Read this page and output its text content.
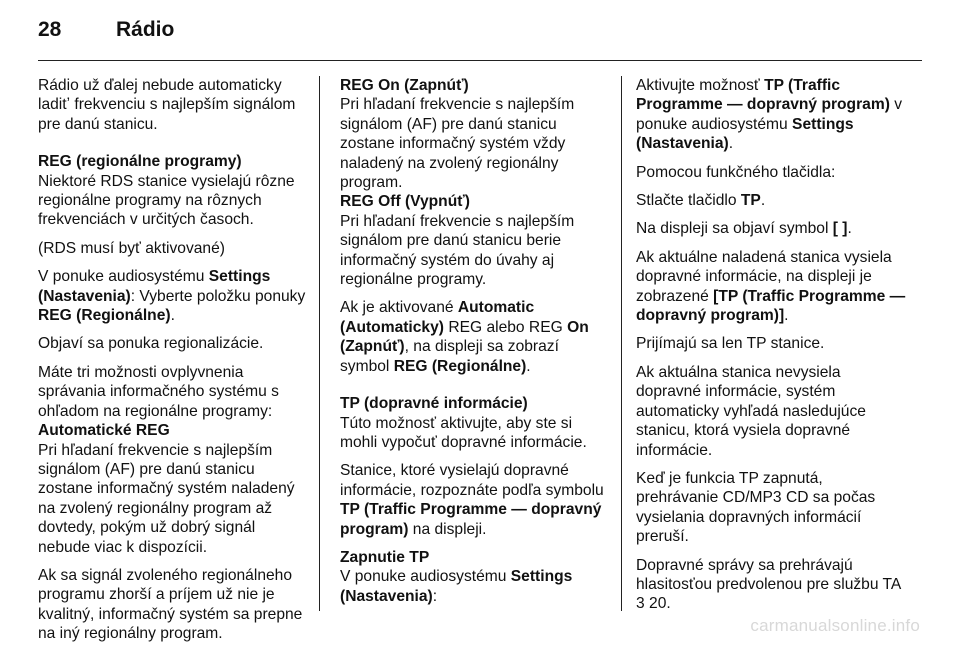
28	Rádio

Rádio už ďalej nebude automaticky laditʼ frekvenciu s najlepším signálom pre danú stanicu.

REG (regionálne programy)

Niektoré RDS stanice vysielajú rôzne regionálne programy na rôznych frekvenciách v určitých časoch.

(RDS musí byť aktivované)

V ponuke audiosystému Settings (Nastavenia): Vyberte položku ponuky REG (Regionálne).

Objaví sa ponuka regionalizácie.

Máte tri možnosti ovplyvnenia správania informačného systému s ohľadom na regionálne programy:

Automatické REG

Pri hľadaní frekvencie s najlepším signálom (AF) pre danú stanicu zostane informačný systém naladený na zvolený regionálny program až dovtedy, pokým už dobrý signál nebude viac k dispozícii.

Ak sa signál zvoleného regionálneho programu zhorší a príjem už nie je kvalitný, informačný systém sa prepne na iný regionálny program.

REG On (Zapnúť)

Pri hľadaní frekvencie s najlepším signálom (AF) pre danú stanicu zostane informačný systém vždy naladený na zvolený regionálny program.

REG Off (Vypnúť)

Pri hľadaní frekvencie s najlepším signálom pre danú stanicu berie informačný systém do úvahy aj regionálne programy.

Ak je aktivované Automatic (Automaticky) REG alebo REG On (Zapnúť), na displeji sa zobrazí symbol REG (Regionálne).

TP (dopravné informácie)

Túto možnosť aktivujte, aby ste si mohli vypočuť dopravné informácie.

Stanice, ktoré vysielajú dopravné informácie, rozpoznáte podľa symbolu TP (Traffic Programme — dopravný program) na displeji.

Zapnutie TP

V ponuke audiosystému Settings (Nastavenia):

Aktivujte možnosť TP (Traffic Programme — dopravný program) v ponuke audiosystému Settings (Nastavenia).

Pomocou funkčného tlačidla:

Stlačte tlačidlo TP.

Na displeji sa objaví symbol [ ].

Ak aktuálne naladená stanica vysiela dopravné informácie, na displeji je zobrazené [TP (Traffic Programme — dopravný program)].

Prijímajú sa len TP stanice.

Ak aktuálna stanica nevysiela dopravné informácie, systém automaticky vyhľadá nasledujúce stanicu, ktorá vysiela dopravné informácie.

Keď je funkcia TP zapnutá, prehrávanie CD/MP3 CD sa počas vysielania dopravných informácií preruší.

Dopravné správy sa prehrávajú hlasitosťou predvolenou pre službu TA 3 20.

carmanualsonline.info
